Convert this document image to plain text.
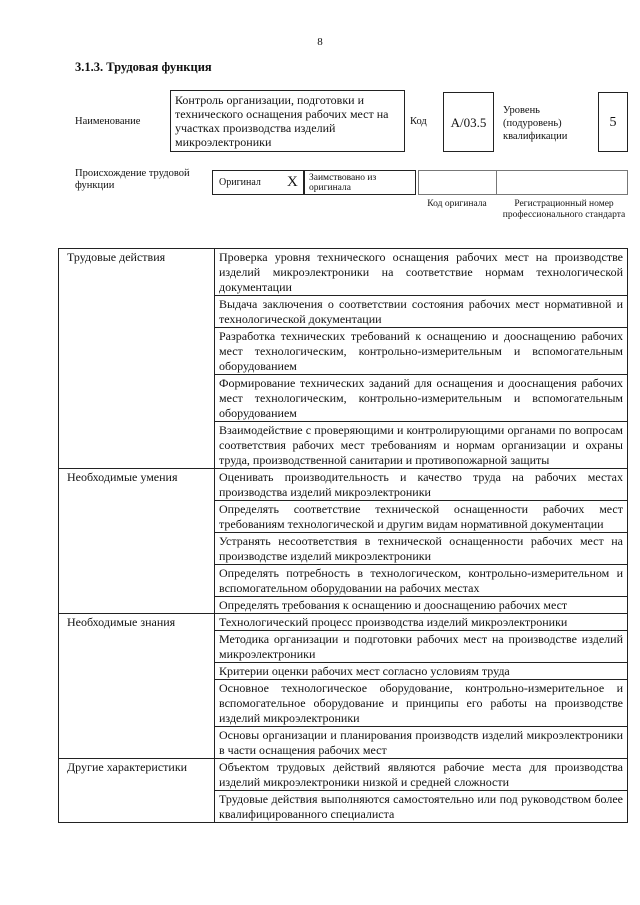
8
3.1.3. Трудовая функция
Наименование
Контроль организации, подготовки и технического оснащения рабочих мест на участках производства изделий микроэлектроники
Код	А/03.5
Уровень (подуровень) квалификации
5
Происхождение трудовой функции	Оригинал X	Заимствовано из оригинала
Код оригинала	Регистрационный номер профессионального стандарта
Трудовые действия	Проверка уровня технического оснащения рабочих мест на производстве изделий микроэлектроники на соответствие нормам технологической документации
	Выдача заключения о соответствии состояния рабочих мест нормативной и технологической документации
	Разработка технических требований к оснащению и дооснащению рабочих мест технологическим, контрольно-измерительным и вспомогательным оборудованием
	Формирование технических заданий для оснащения и дооснащения рабочих мест технологическим, контрольно-измерительным и вспомогательным оборудованием
	Взаимодействие с проверяющими и контролирующими органами по вопросам соответствия рабочих мест требованиям и нормам организации и охраны труда, производственной санитарии и противопожарной защиты
Необходимые умения	Оценивать производительность и качество труда на рабочих местах производства изделий микроэлектроники
	Определять соответствие технической оснащенности рабочих мест требованиям технологической и другим видам нормативной документации
	Устранять несоответствия в технической оснащенности рабочих мест на производстве изделий микроэлектроники
	Определять потребность в технологическом, контрольно-измерительном и вспомогательном оборудовании на рабочих местах
	Определять требования к оснащению и дооснащению рабочих мест
Необходимые знания	Технологический процесс производства изделий микроэлектроники
	Методика организации и подготовки рабочих мест на производстве изделий микроэлектроники
	Критерии оценки рабочих мест согласно условиям труда
	Основное технологическое оборудование, контрольно-измерительное и вспомогательное оборудование и принципы его работы на производстве изделий микроэлектроники
	Основы организации и планирования производств изделий микроэлектроники в части оснащения рабочих мест
Другие характеристики	Объектом трудовых действий являются рабочие места для производства изделий микроэлектроники низкой и средней сложности
	Трудовые действия выполняются самостоятельно или под руководством более квалифицированного специалиста
